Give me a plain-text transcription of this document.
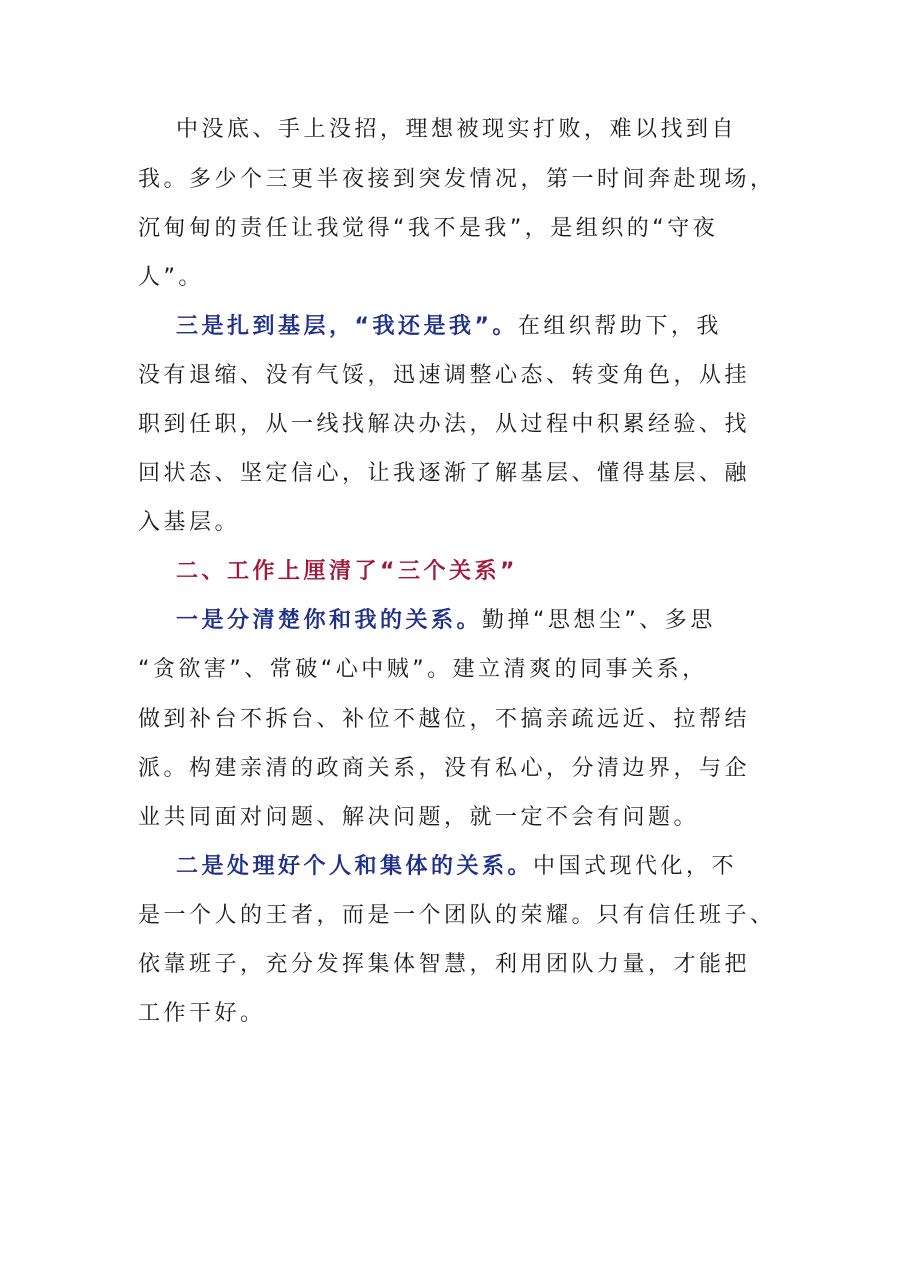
中没底、手上没招，理想被现实打败，难以找到自
我。多少个三更半夜接到突发情况，第一时间奔赴现场，
沉甸甸的责任让我觉得“我不是我”，是组织的“守夜
人”。
三是扎到基层，“我还是我”。在组织帮助下，我
没有退缩、没有气馁，迅速调整心态、转变角色，从挂
职到任职，从一线找解决办法，从过程中积累经验、找
回状态、坚定信心，让我逐渐了解基层、懂得基层、融
入基层。
二、工作上厘清了“三个关系”
一是分清楚你和我的关系。勤掸“思想尘”、多思
“贪欲害”、常破“心中贼”。建立清爽的同事关系，
做到补台不拆台、补位不越位，不搞亲疏远近、拉帮结
派。构建亲清的政商关系，没有私心，分清边界，与企
业共同面对问题、解决问题，就一定不会有问题。
二是处理好个人和集体的关系。中国式现代化，不
是一个人的王者，而是一个团队的荣耀。只有信任班子、
依靠班子，充分发挥集体智慧，利用团队力量，才能把
工作干好。
